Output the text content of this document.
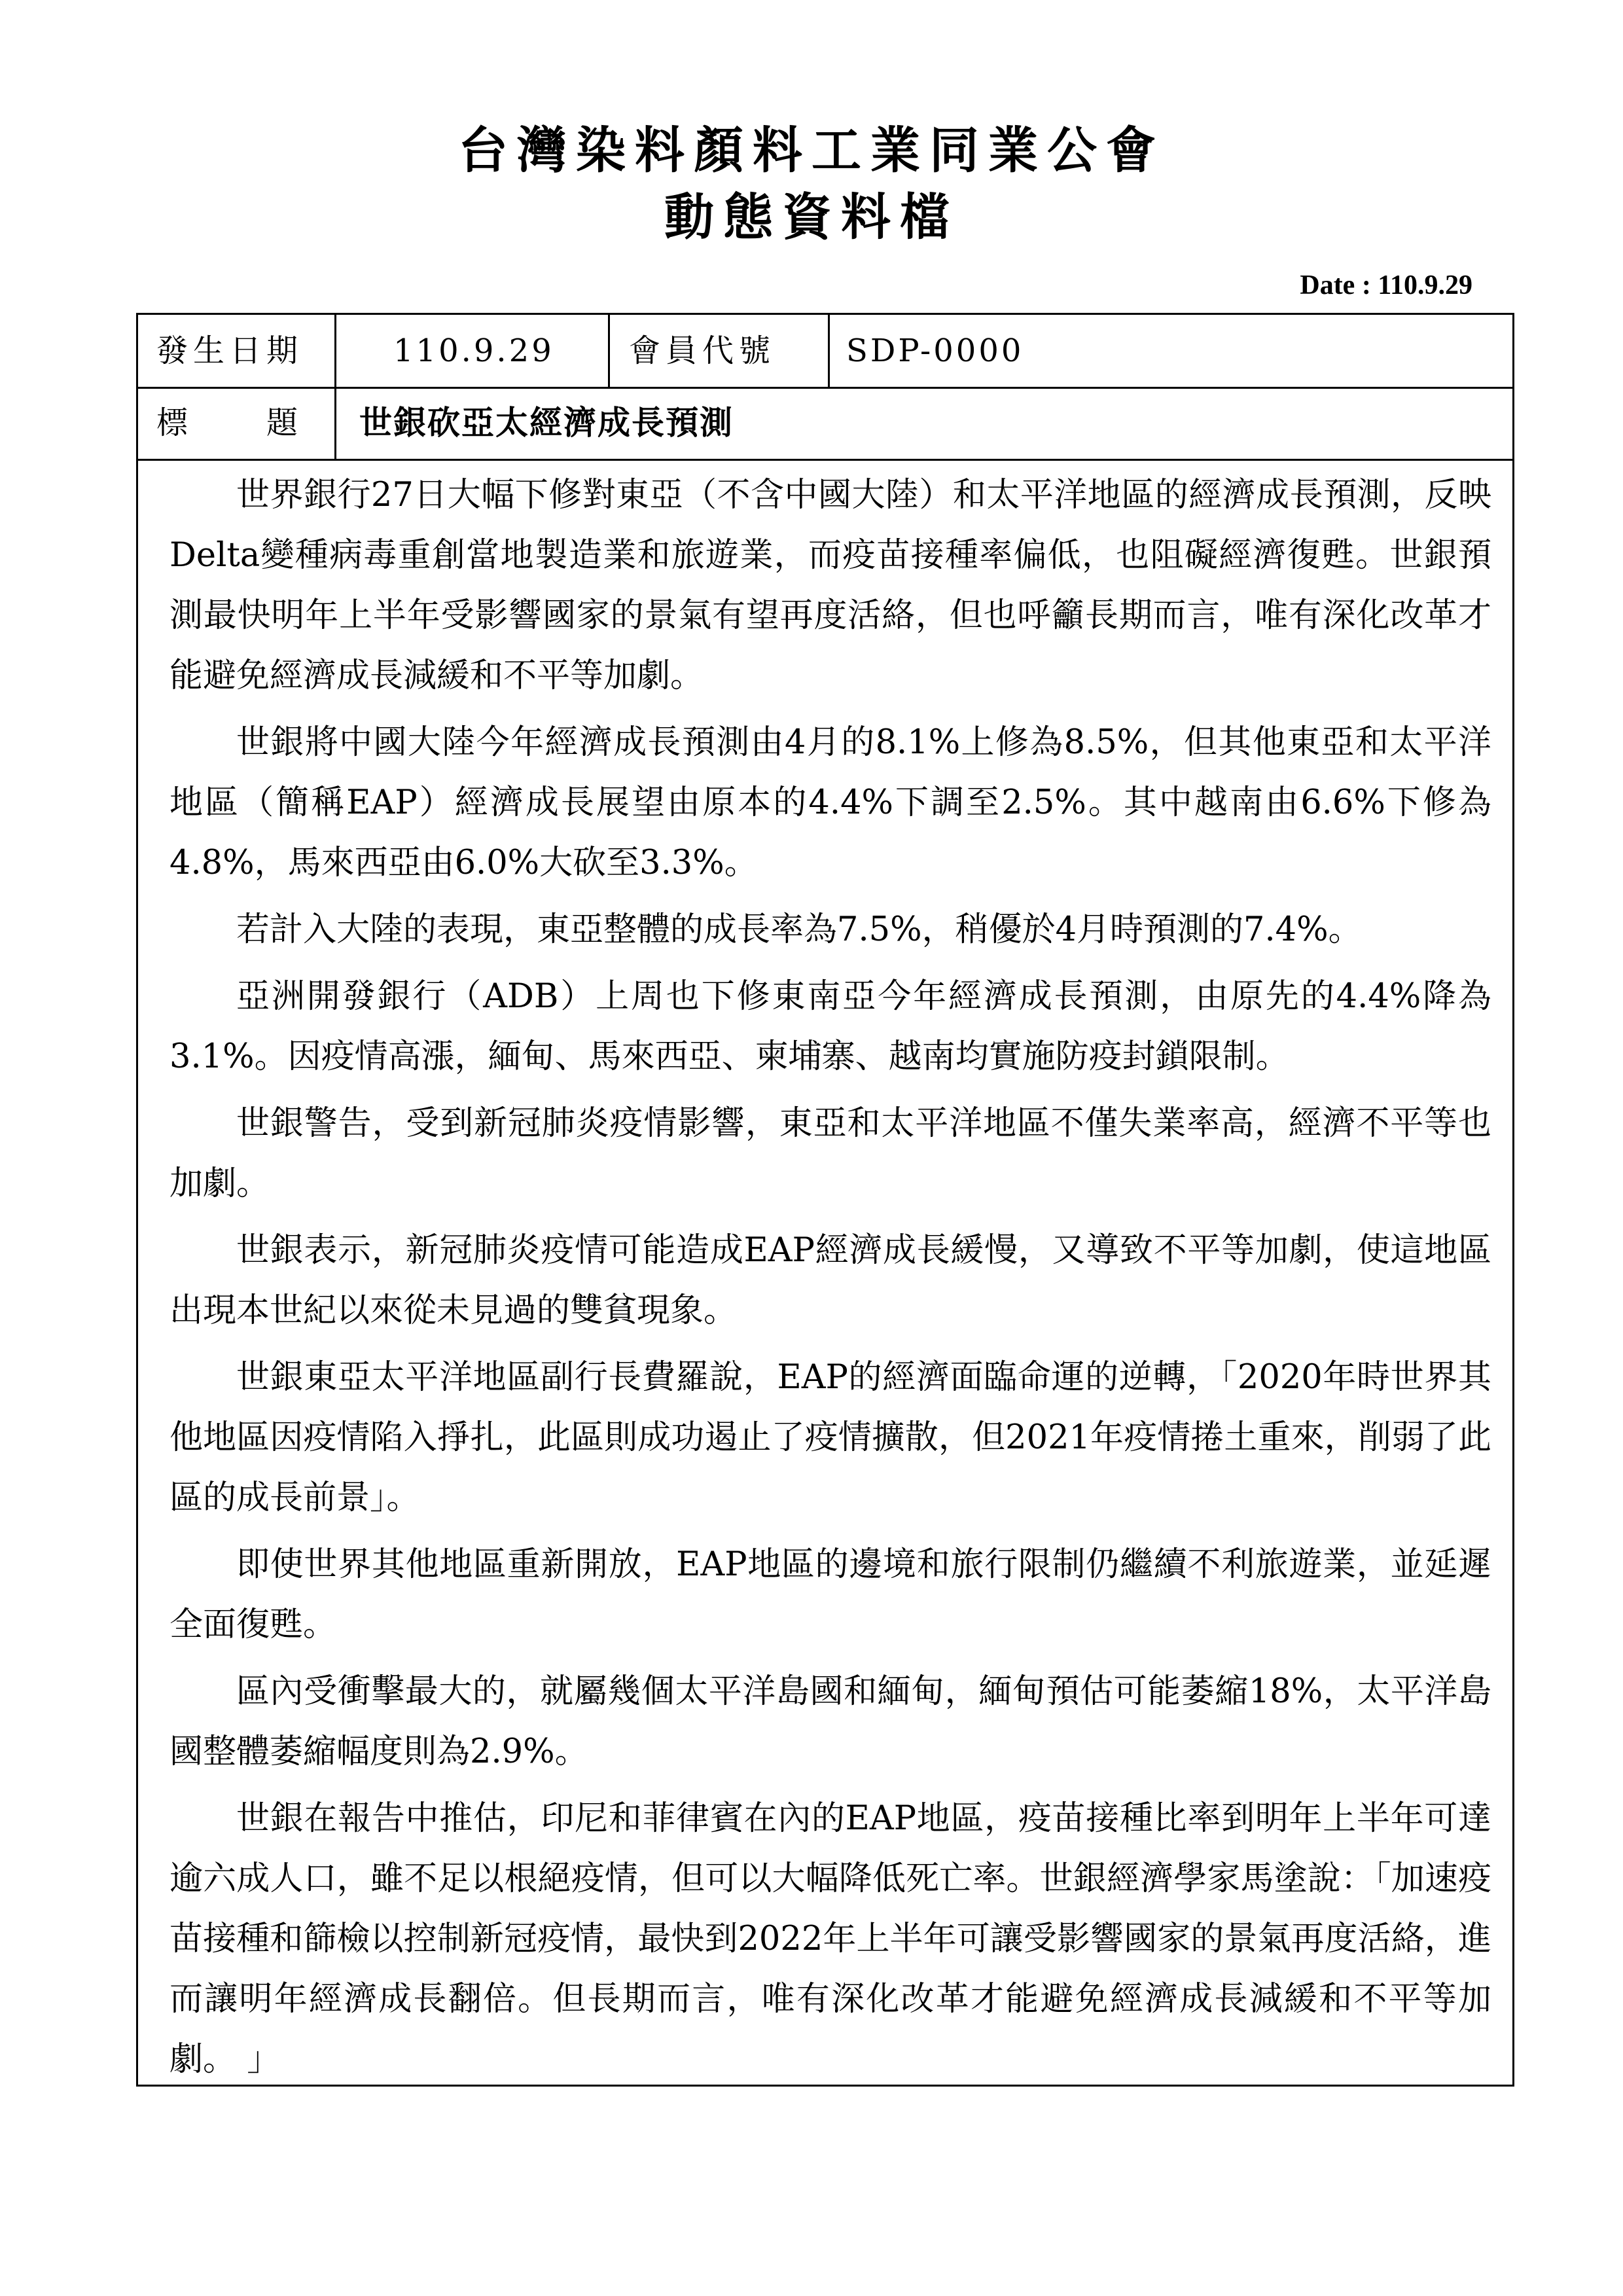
台灣染料顏料工業同業公會
動態資料檔
Date : 110.9.29
發生日期	110.9.29 會員代號 SDP-0000
標　　題 世銀砍亞太經濟成長預測

世界銀行27日大幅下修對東亞（不含中國大陸）和太平洋地區的經濟成長預測，反映Delta變種病毒重創當地製造業和旅遊業，而疫苗接種率偏低，也阻礙經濟復甦。世銀預測最快明年上半年受影響國家的景氣有望再度活絡，但也呼籲長期而言，唯有深化改革才能避免經濟成長減緩和不平等加劇。

世銀將中國大陸今年經濟成長預測由4月的8.1%上修為8.5%，但其他東亞和太平洋地區（簡稱EAP）經濟成長展望由原本的4.4%下調至2.5%。其中越南由6.6%下修為4.8%，馬來西亞由6.0%大砍至3.3%。

若計入大陸的表現，東亞整體的成長率為7.5%，稍優於4月時預測的7.4%。

亞洲開發銀行（ADB）上周也下修東南亞今年經濟成長預測，由原先的4.4%降為3.1%。因疫情高漲，緬甸、馬來西亞、柬埔寨、越南均實施防疫封鎖限制。

世銀警告，受到新冠肺炎疫情影響，東亞和太平洋地區不僅失業率高，經濟不平等也加劇。

世銀表示，新冠肺炎疫情可能造成EAP經濟成長緩慢，又導致不平等加劇，使這地區出現本世紀以來從未見過的雙貧現象。

世銀東亞太平洋地區副行長費羅說，EAP的經濟面臨命運的逆轉，「2020年時世界其他地區因疫情陷入掙扎，此區則成功遏止了疫情擴散，但2021年疫情捲土重來，削弱了此區的成長前景」。

即使世界其他地區重新開放，EAP地區的邊境和旅行限制仍繼續不利旅遊業，並延遲全面復甦。

區內受衝擊最大的，就屬幾個太平洋島國和緬甸，緬甸預估可能萎縮18%，太平洋島國整體萎縮幅度則為2.9%。

世銀在報告中推估，印尼和菲律賓在內的EAP地區，疫苗接種比率到明年上半年可達逾六成人口，雖不足以根絕疫情，但可以大幅降低死亡率。世銀經濟學家馬塗說：「加速疫苗接種和篩檢以控制新冠疫情，最快到2022年上半年可讓受影響國家的景氣再度活絡，進而讓明年經濟成長翻倍。但長期而言，唯有深化改革才能避免經濟成長減緩和不平等加劇。 」
